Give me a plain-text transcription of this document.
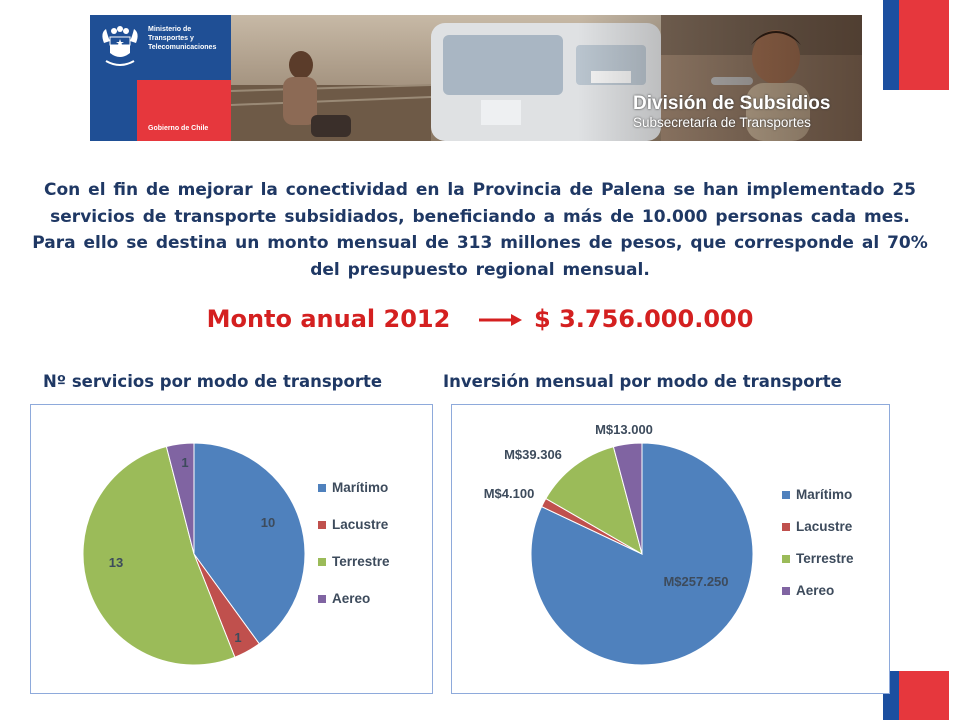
Ministerio de
Transportes y
Telecomunicaciones
Gobierno de Chile
División de Subsidios
Subsecretaría de Transportes

Con el fin de mejorar la conectividad en la Provincia de Palena se han implementado 25 servicios de transporte subsidiados, beneficiando a más de 10.000 personas cada mes.

Para ello se destina un monto mensual de 313 millones de pesos, que corresponde al 70% del presupuesto regional mensual.

Monto anual 2012	$ 3.756.000.000
Nº servicios por modo de transporte	Inversión mensual por modo de transporte
10
1
13
1
Marítimo
Lacustre
Terrestre
Aereo
M$257.250
M$4.100
M$39.306
M$13.000
Marítimo
Lacustre
Terrestre
Aereo
